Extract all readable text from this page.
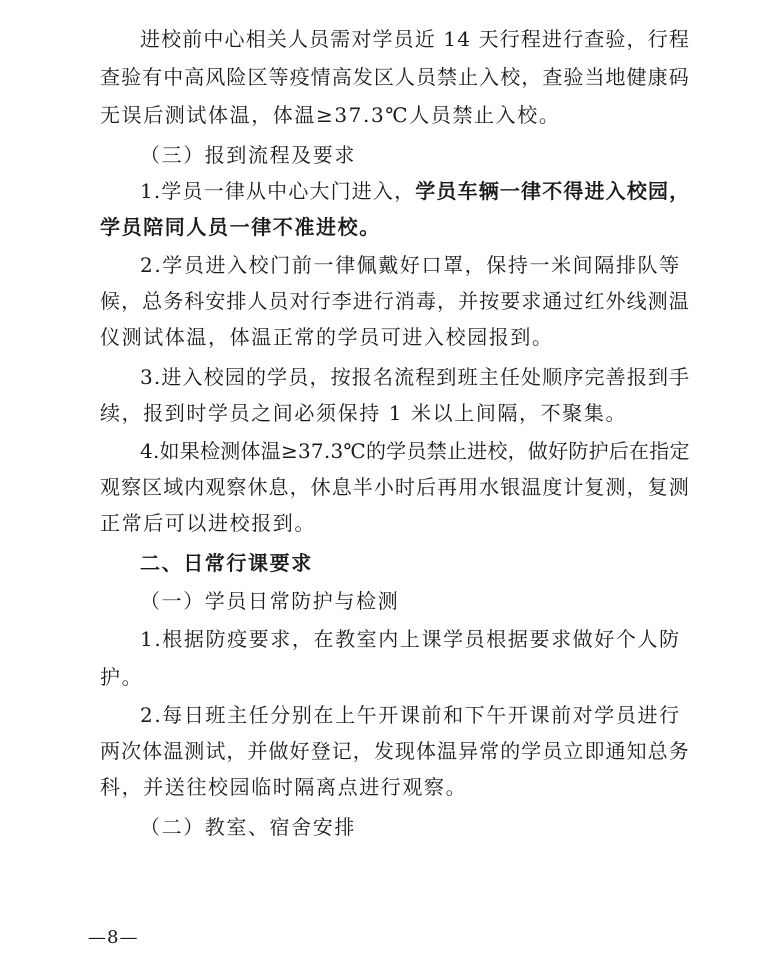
进校前中心相关人员需对学员近 14 天行程进行查验，行程
查验有中高风险区等疫情高发区人员禁止入校，查验当地健康码
无误后测试体温，体温≥37.3℃人员禁止入校。
（三）报到流程及要求
1.学员一律从中心大门进入，学员车辆一律不得进入校园，
学员陪同人员一律不准进校。
2.学员进入校门前一律佩戴好口罩，保持一米间隔排队等
候，总务科安排人员对行李进行消毒，并按要求通过红外线测温
仪测试体温，体温正常的学员可进入校园报到。
3.进入校园的学员，按报名流程到班主任处顺序完善报到手
续，报到时学员之间必须保持 1 米以上间隔，不聚集。
4.如果检测体温≥37.3℃的学员禁止进校，做好防护后在指定
观察区域内观察休息，休息半小时后再用水银温度计复测，复测
正常后可以进校报到。
二、日常行课要求
（一）学员日常防护与检测
1.根据防疫要求，在教室内上课学员根据要求做好个人防
护。
2.每日班主任分别在上午开课前和下午开课前对学员进行
两次体温测试，并做好登记，发现体温异常的学员立即通知总务
科，并送往校园临时隔离点进行观察。
（二）教室、宿舍安排
—8—
